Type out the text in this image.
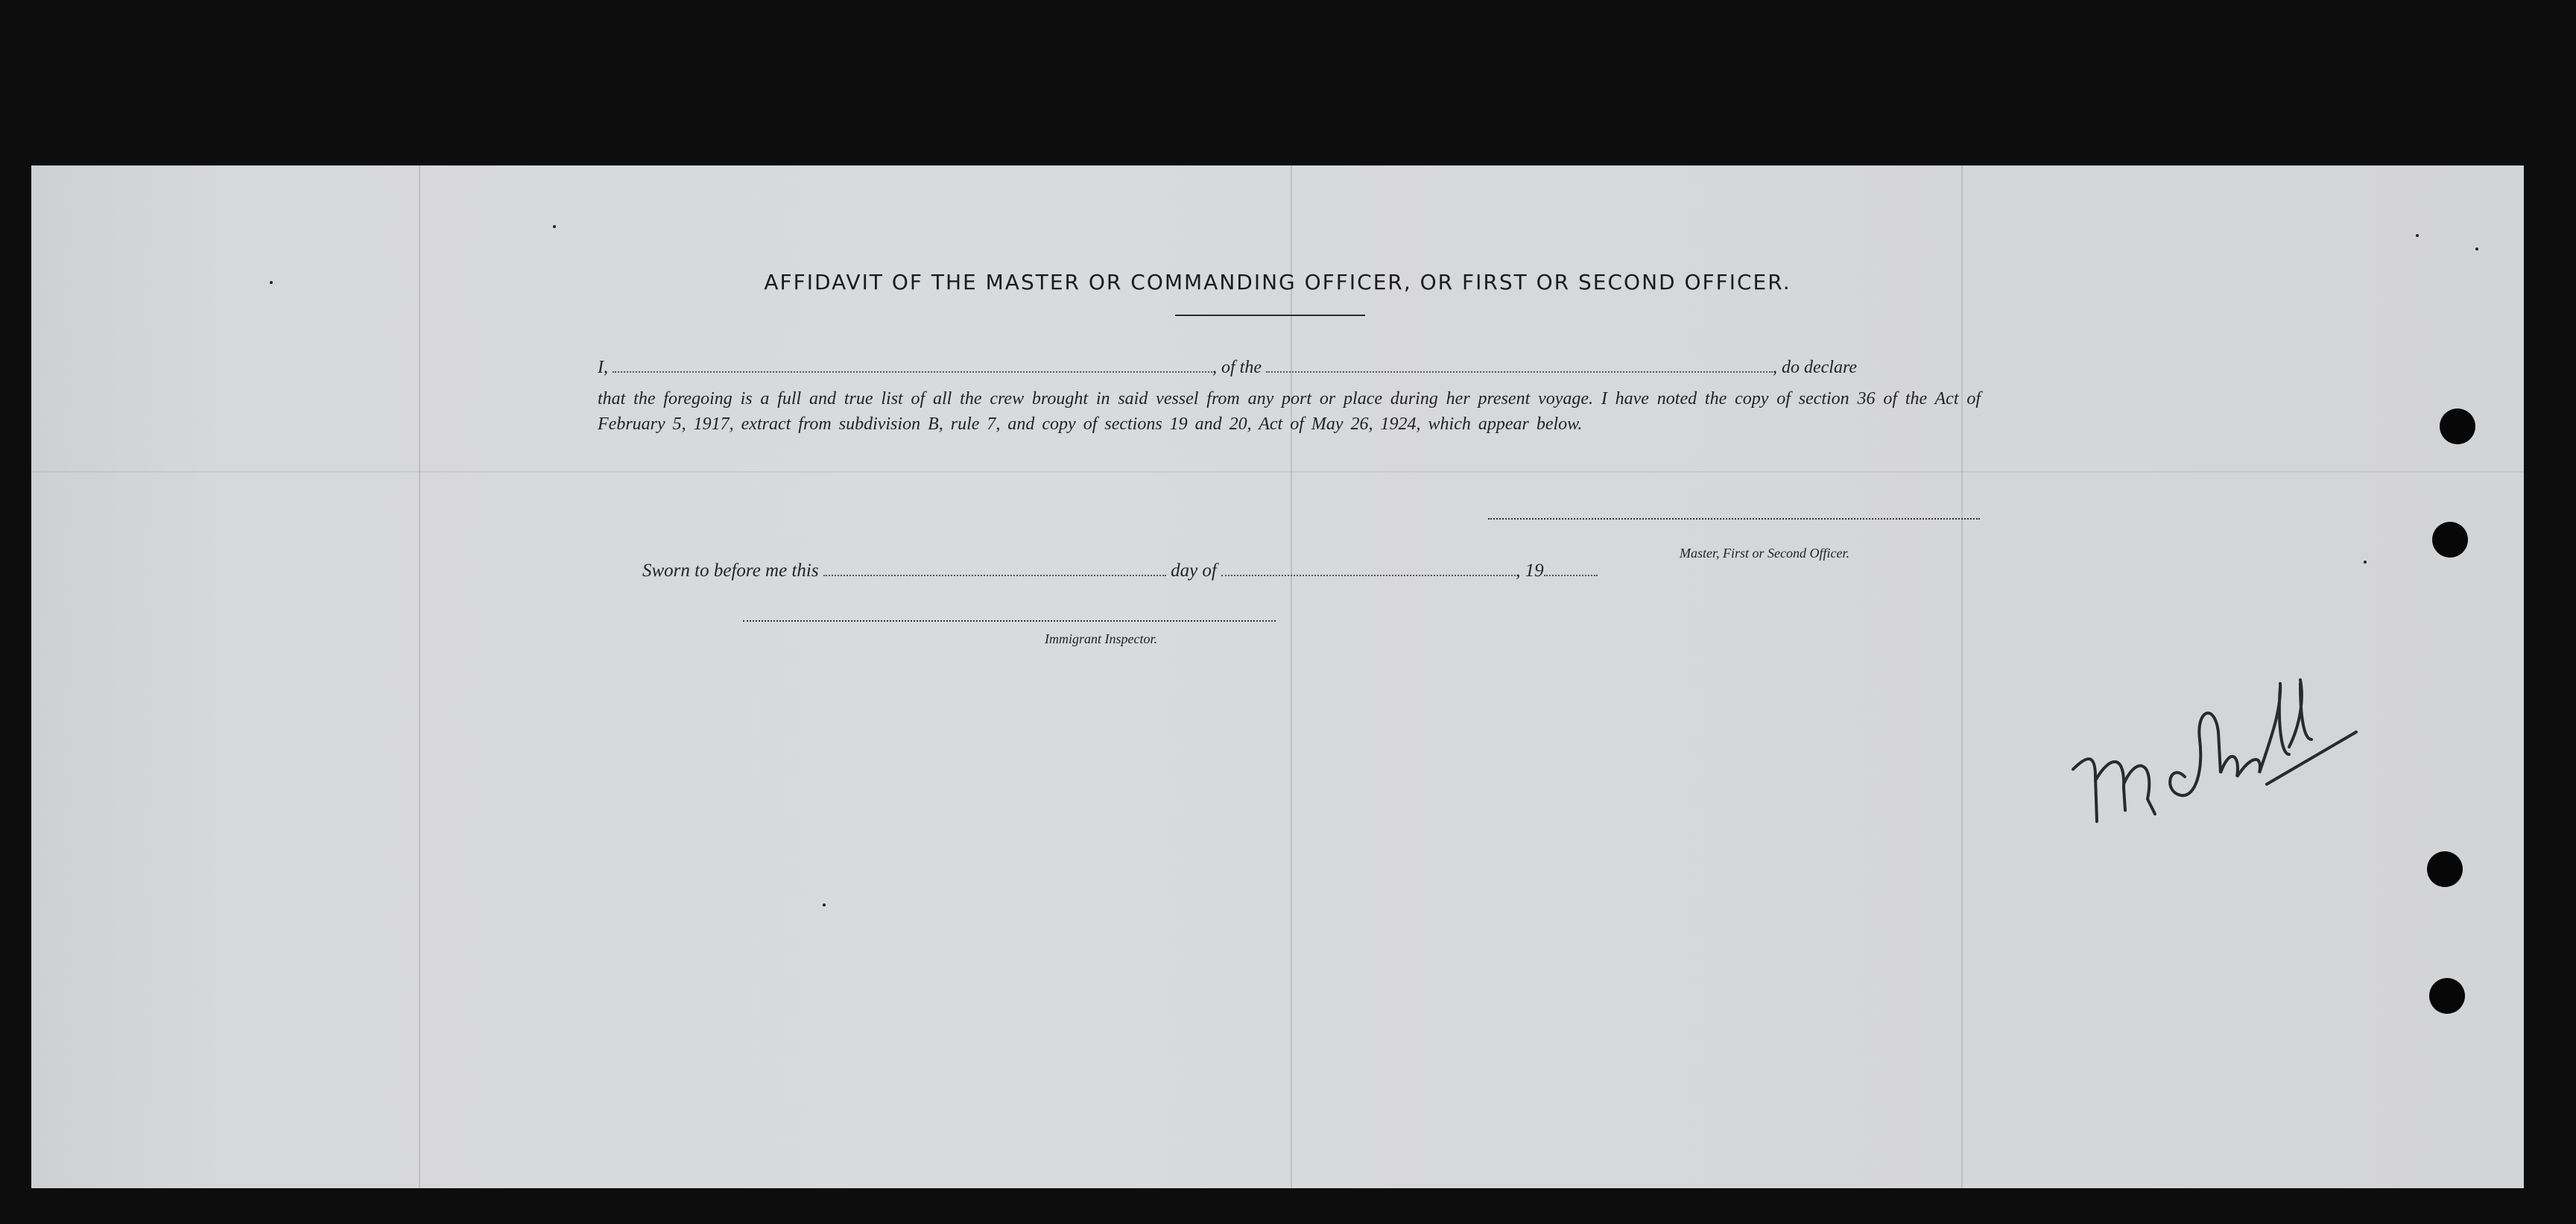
AFFIDAVIT OF THE MASTER OR COMMANDING OFFICER, OR FIRST OR SECOND OFFICER.
I,	, of the	, do declare
that the foregoing is a full and true list of all the crew brought in said vessel from any port or place during her present voyage. I have noted the copy of section 36 of the Act of February 5, 1917, extract from subdivision B, rule 7, and copy of sections 19 and 20, Act of May 26, 1924, which appear below.
Master, First or Second Officer.
Sworn to before me this	day of	, 19
Immigrant Inspector.
